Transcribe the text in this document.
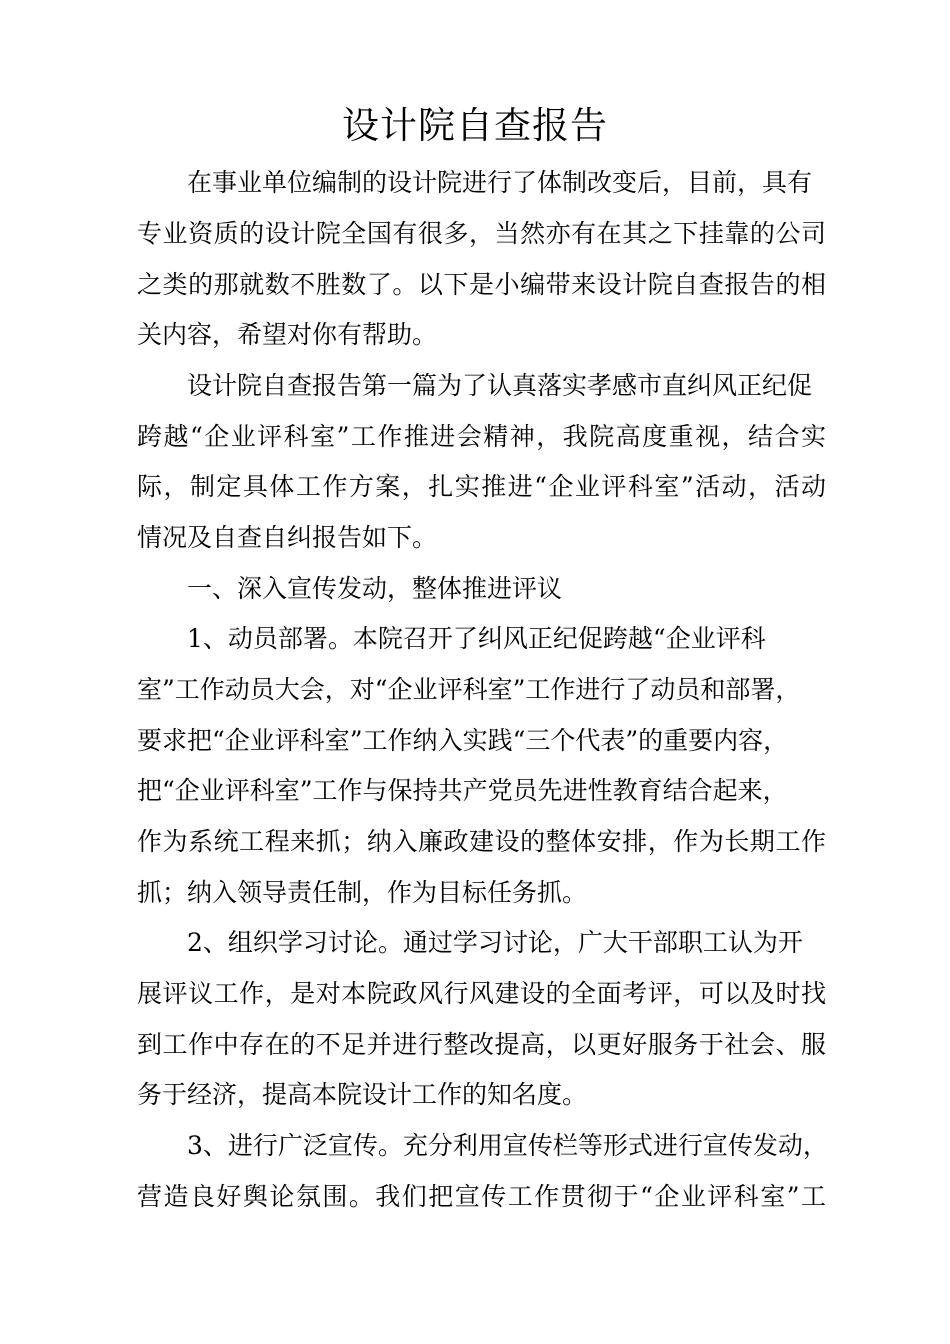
设计院自查报告
在事业单位编制的设计院进行了体制改变后，目前，具有
专业资质的设计院全国有很多，当然亦有在其之下挂靠的公司
之类的那就数不胜数了。以下是小编带来设计院自查报告的相
关内容，希望对你有帮助。
设计院自查报告第一篇为了认真落实孝感市直纠风正纪促
跨越“企业评科室”工作推进会精神，我院高度重视，结合实
际，制定具体工作方案，扎实推进“企业评科室”活动，活动
情况及自查自纠报告如下。
一、深入宣传发动，整体推进评议
1、动员部署。本院召开了纠风正纪促跨越“企业评科
室”工作动员大会，对“企业评科室”工作进行了动员和部署，
要求把“企业评科室”工作纳入实践“三个代表”的重要内容，
把“企业评科室”工作与保持共产党员先进性教育结合起来，
作为系统工程来抓；纳入廉政建设的整体安排，作为长期工作
抓；纳入领导责任制，作为目标任务抓。
2、组织学习讨论。通过学习讨论，广大干部职工认为开
展评议工作，是对本院政风行风建设的全面考评，可以及时找
到工作中存在的不足并进行整改提高，以更好服务于社会、服
务于经济，提高本院设计工作的知名度。
3、进行广泛宣传。充分利用宣传栏等形式进行宣传发动，
营造良好舆论氛围。我们把宣传工作贯彻于“企业评科室”工
